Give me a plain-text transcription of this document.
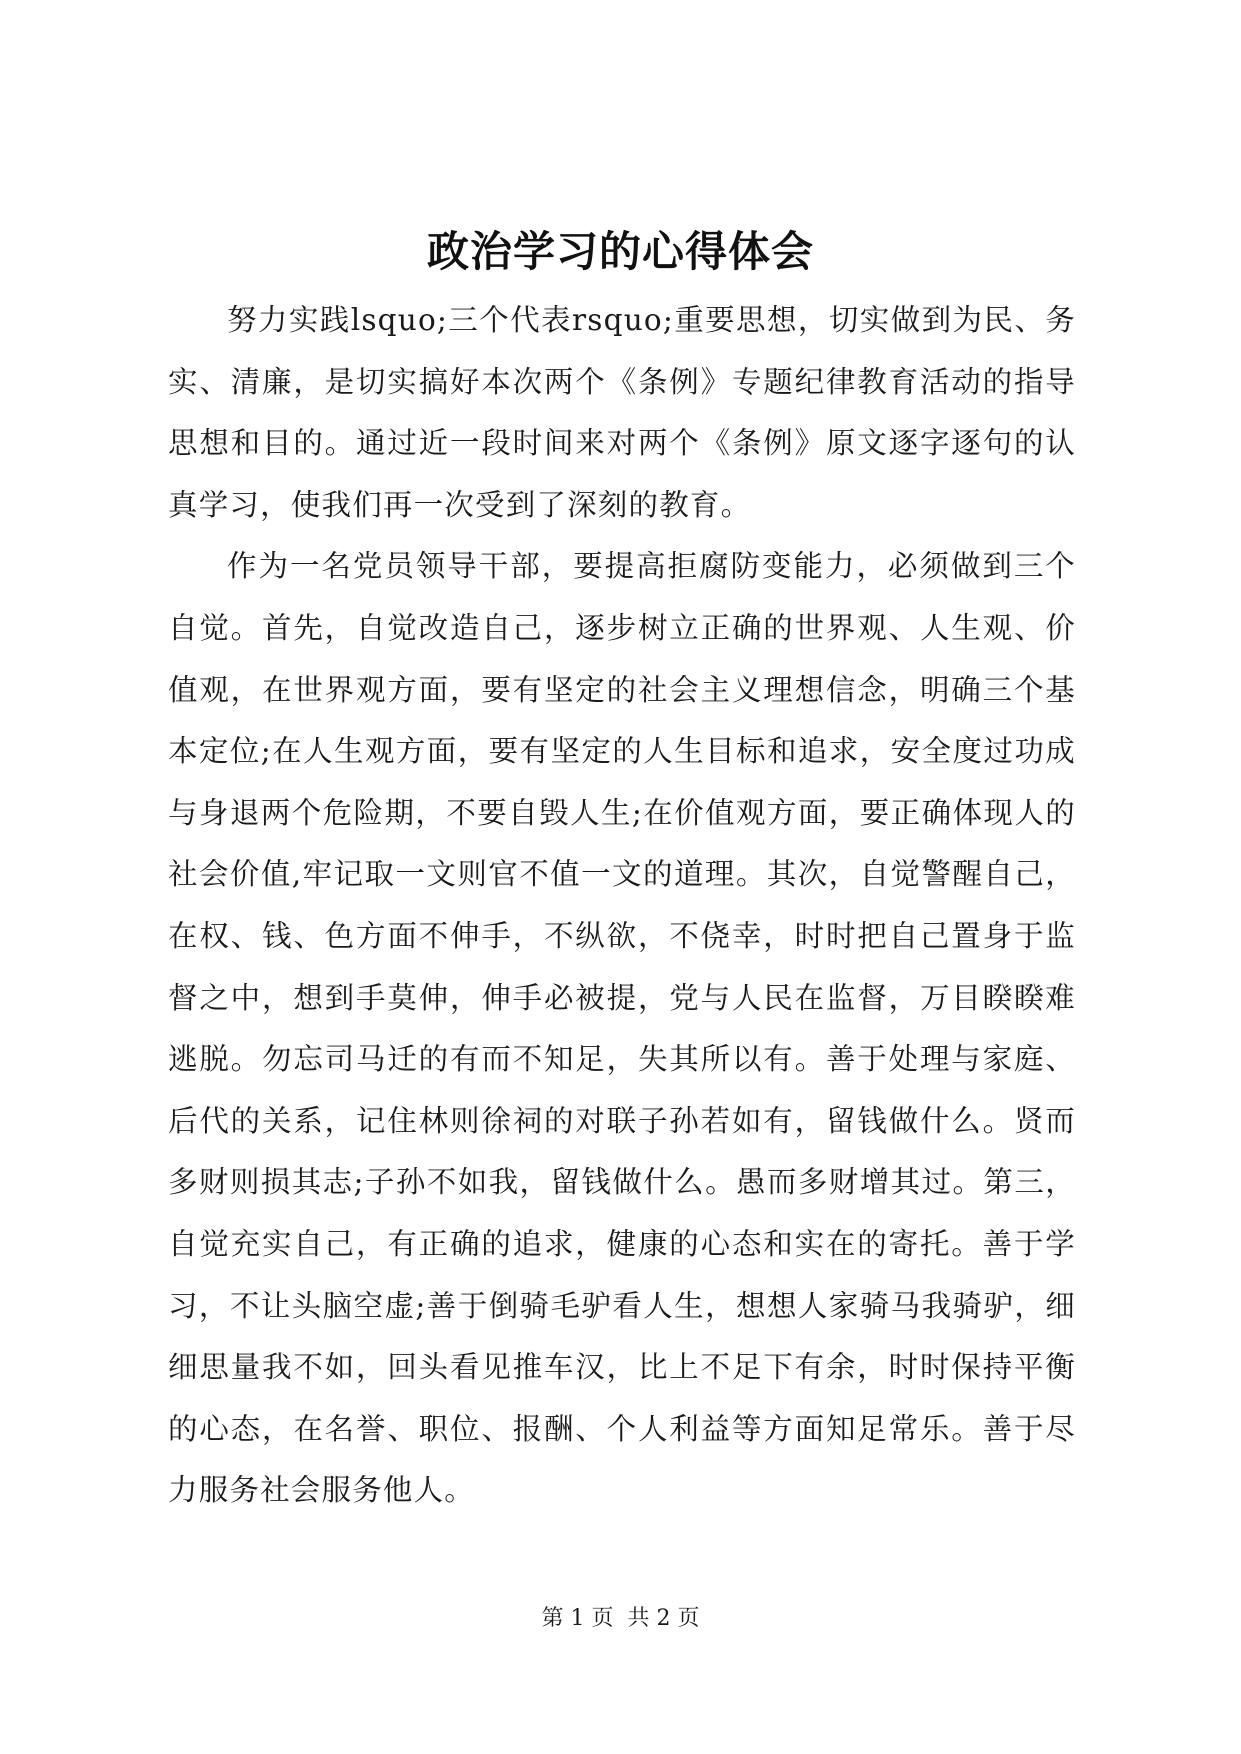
政治学习的心得体会

努力实践lsquo;三个代表rsquo;重要思想，切实做到为民、务实、清廉，是切实搞好本次两个《条例》专题纪律教育活动的指导思想和目的。通过近一段时间来对两个《条例》原文逐字逐句的认真学习，使我们再一次受到了深刻的教育。

作为一名党员领导干部，要提高拒腐防变能力，必须做到三个自觉。首先，自觉改造自己，逐步树立正确的世界观、人生观、价值观，在世界观方面，要有坚定的社会主义理想信念，明确三个基本定位;在人生观方面，要有坚定的人生目标和追求，安全度过功成与身退两个危险期，不要自毁人生;在价值观方面，要正确体现人的社会价值,牢记取一文则官不值一文的道理。其次，自觉警醒自己，在权、钱、色方面不伸手，不纵欲，不侥幸，时时把自己置身于监督之中，想到手莫伸，伸手必被提，党与人民在监督，万目睽睽难逃脱。勿忘司马迁的有而不知足，失其所以有。善于处理与家庭、后代的关系，记住林则徐祠的对联子孙若如有，留钱做什么。贤而多财则损其志;子孙不如我，留钱做什么。愚而多财增其过。第三，自觉充实自己，有正确的追求，健康的心态和实在的寄托。善于学习，不让头脑空虚;善于倒骑毛驴看人生，想想人家骑马我骑驴，细细思量我不如，回头看见推车汉，比上不足下有余，时时保持平衡的心态，在名誉、职位、报酬、个人利益等方面知足常乐。善于尽力服务社会服务他人。

第 1 页  共 2 页
